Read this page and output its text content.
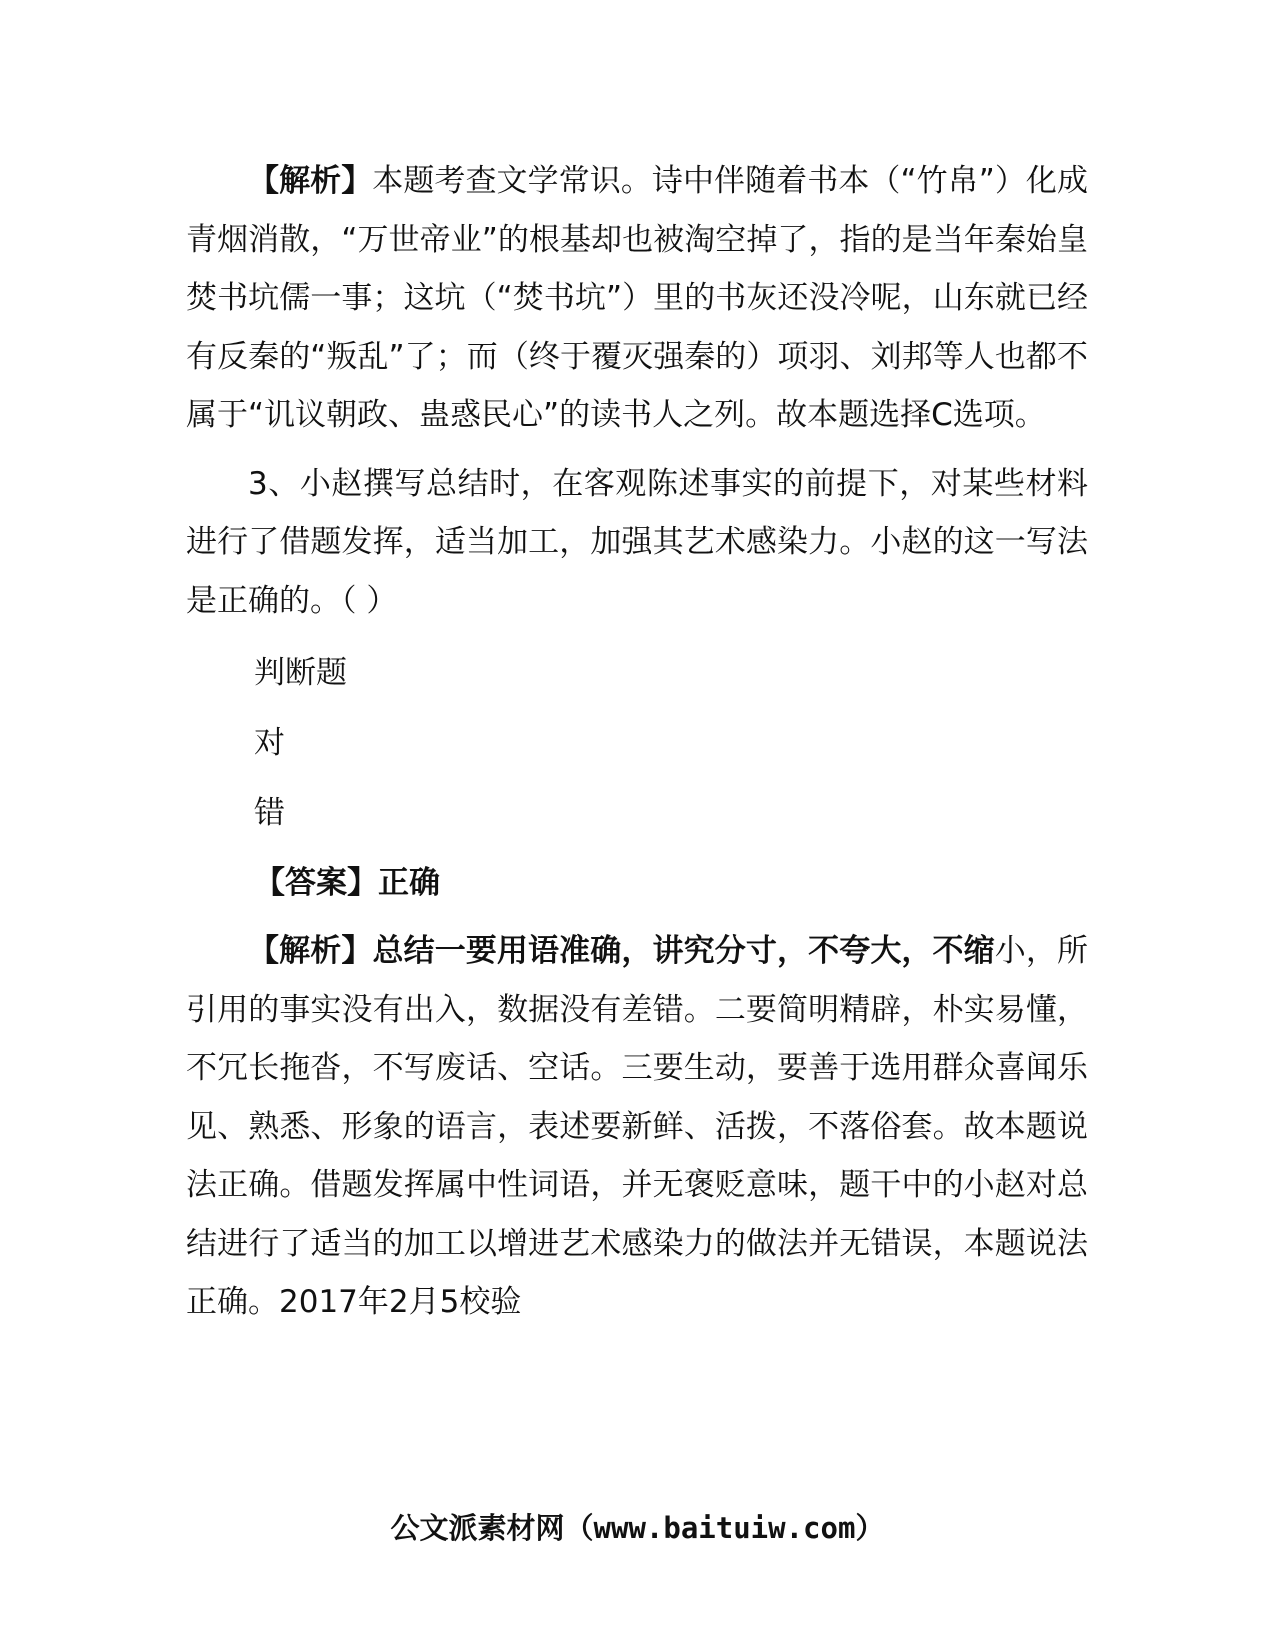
【解析】本题考查文学常识。诗中伴随着书本（“竹帛”）化成青烟消散，“万世帝业”的根基却也被淘空掉了，指的是当年秦始皇焚书坑儒一事；这坑（“焚书坑”）里的书灰还没冷呢，山东就已经有反秦的“叛乱”了；而（终于覆灭强秦的）项羽、刘邦等人也都不属于“讥议朝政、蛊惑民心”的读书人之列。故本题选择C选项。

3、小赵撰写总结时，在客观陈述事实的前提下，对某些材料进行了借题发挥，适当加工，加强其艺术感染力。小赵的这一写法是正确的。（ ）

判断题

对

错

【答案】正确

【解析】总结一要用语准确，讲究分寸，不夸大，不缩小，所引用的事实没有出入，数据没有差错。二要简明精辟，朴实易懂，不冗长拖沓，不写废话、空话。三要生动，要善于选用群众喜闻乐见、熟悉、形象的语言，表述要新鲜、活拨，不落俗套。故本题说法正确。借题发挥属中性词语，并无褒贬意味，题干中的小赵对总结进行了适当的加工以增进艺术感染力的做法并无错误，本题说法正确。2017年2月5校验

公文派素材网（www.baituiw.com）
